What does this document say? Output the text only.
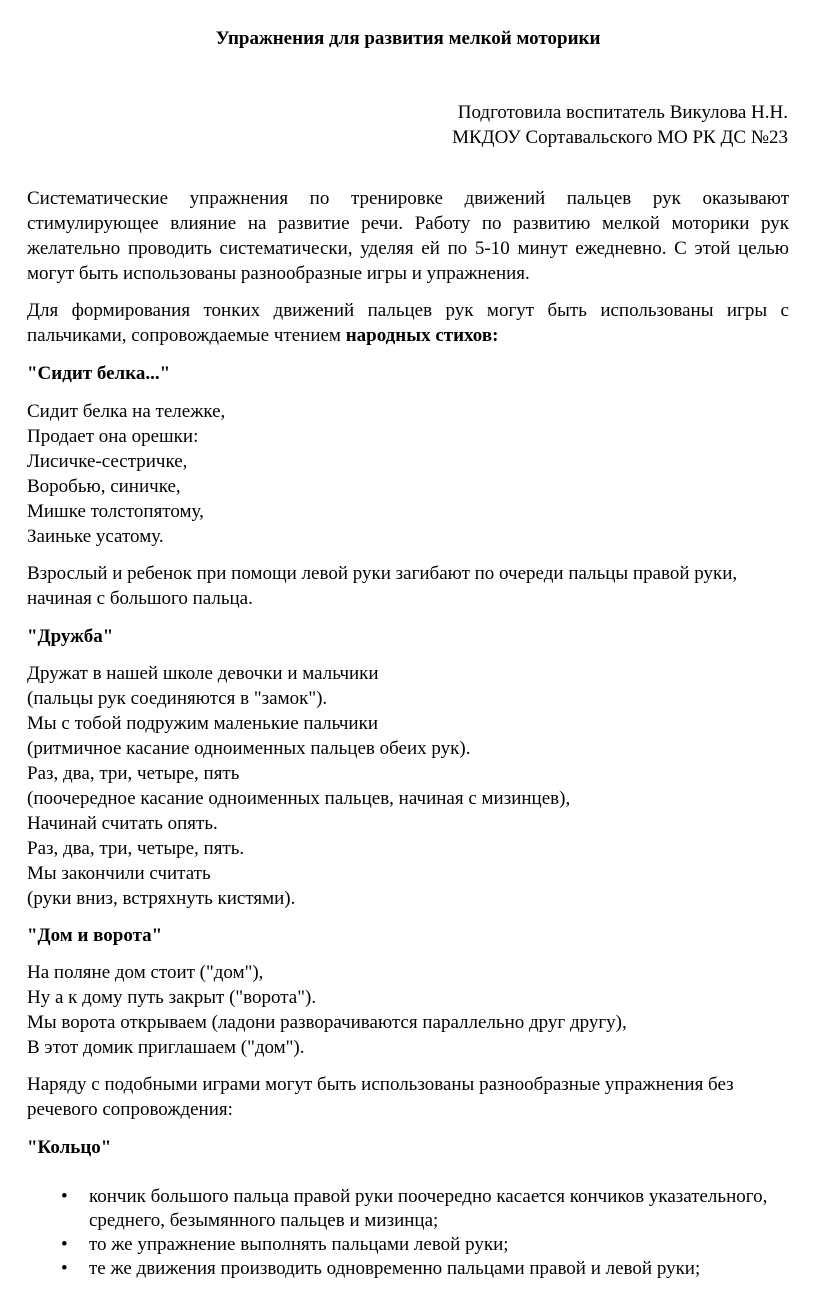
Упражнения для развития мелкой моторики
Подготовила воспитатель Викулова Н.Н.
МКДОУ Сортавальского МО РК ДС №23

Систематические упражнения по тренировке движений пальцев рук оказывают стимулирующее влияние на развитие речи. Работу по развитию мелкой моторики рук желательно проводить систематически, уделяя ей по 5-10 минут ежедневно. С этой целью могут быть использованы разнообразные игры и упражнения.

Для формирования тонких движений пальцев рук могут быть использованы игры с пальчиками, сопровождаемые чтением народных стихов:

"Сидит белка..."

Сидит белка на тележке,
Продает она орешки:
Лисичке-сестричке,
Воробью, синичке,
Мишке толстопятому,
Заиньке усатому.

Взрослый и ребенок при помощи левой руки загибают по очереди пальцы правой руки, начиная с большого пальца.

"Дружба"

Дружат в нашей школе девочки и мальчики
(пальцы рук соединяются в "замок").
Мы с тобой подружим маленькие пальчики
(ритмичное касание одноименных пальцев обеих рук).
Раз, два, три, четыре, пять
(поочередное касание одноименных пальцев, начиная с мизинцев),
Начинай считать опять.
Раз, два, три, четыре, пять.
Мы закончили считать
(руки вниз, встряхнуть кистями).

"Дом и ворота"

На поляне дом стоит ("дом"),
Ну а к дому путь закрыт ("ворота").
Мы ворота открываем (ладони разворачиваются параллельно друг другу),
В этот домик приглашаем ("дом").

Наряду с подобными играми могут быть использованы разнообразные упражнения без речевого сопровождения:

"Кольцо"

• кончик большого пальца правой руки поочередно касается кончиков указательного, среднего, безымянного пальцев и мизинца;
• то же упражнение выполнять пальцами левой руки;
• те же движения производить одновременно пальцами правой и левой руки;
